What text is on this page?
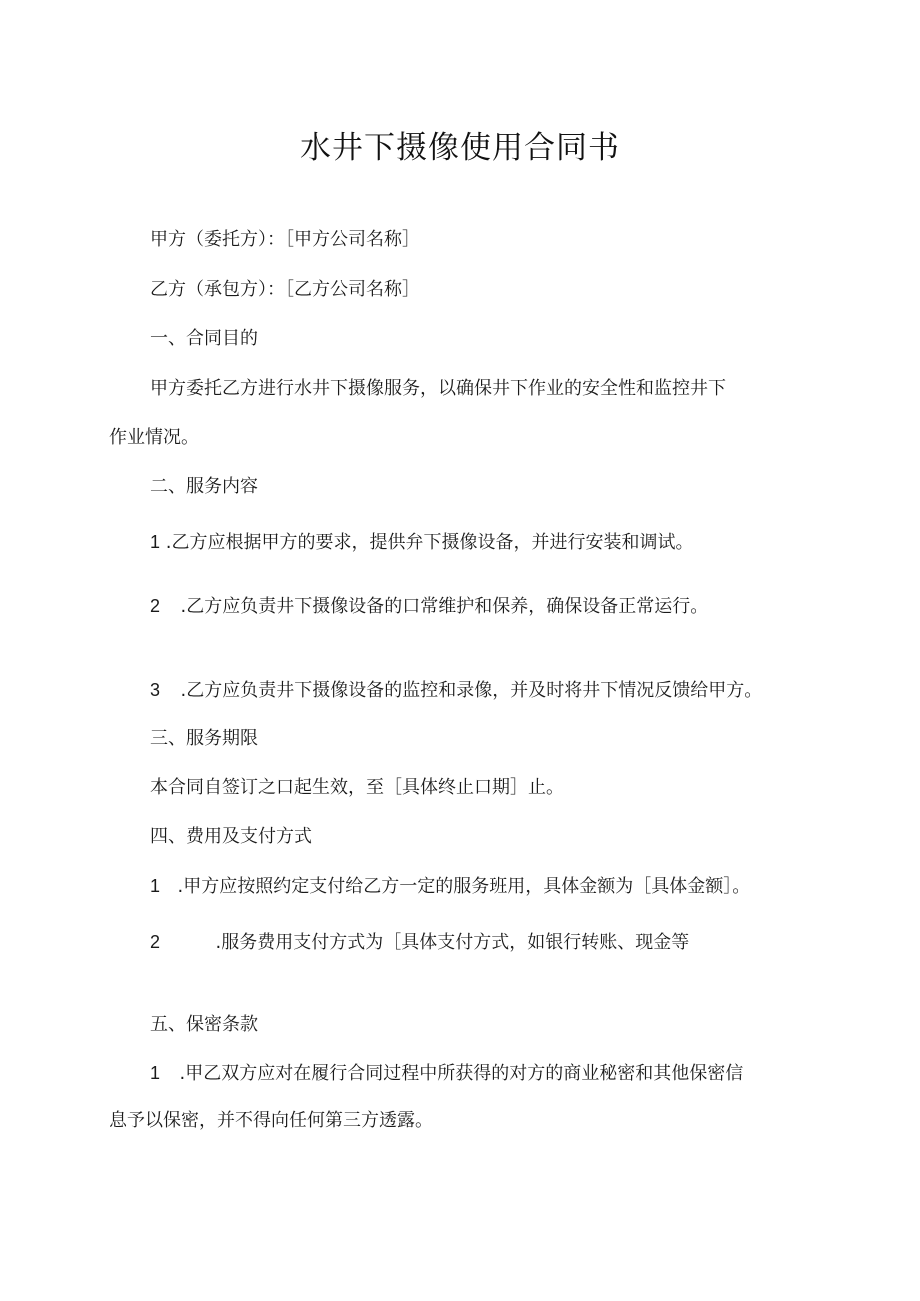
水井下摄像使用合同书
甲方（委托方）：［甲方公司名称］
乙方（承包方）：［乙方公司名称］
一、合同目的
甲方委托乙方进行水井下摄像服务，以确保井下作业的安全性和监控井下
作业情况。
二、服务内容
1 .乙方应根据甲方的要求，提供弁下摄像设备，并进行安装和调试。
2 .乙方应负责井下摄像设备的口常维护和保养，确保设备正常运行。
3 .乙方应负责井下摄像设备的监控和录像，并及时将井下情况反馈给甲方。
三、服务期限
本合同自签订之口起生效，至［具体终止口期］止。
四、费用及支付方式
1 .甲方应按照约定支付给乙方一定的服务班用，具体金额为［具体金额］。
2	.服务费用支付方式为［具体支付方式，如银行转账、现金等
五、保密条款
1 .甲乙双方应对在履行合同过程中所获得的对方的商业秘密和其他保密信
息予以保密，并不得向任何第三方透露。
